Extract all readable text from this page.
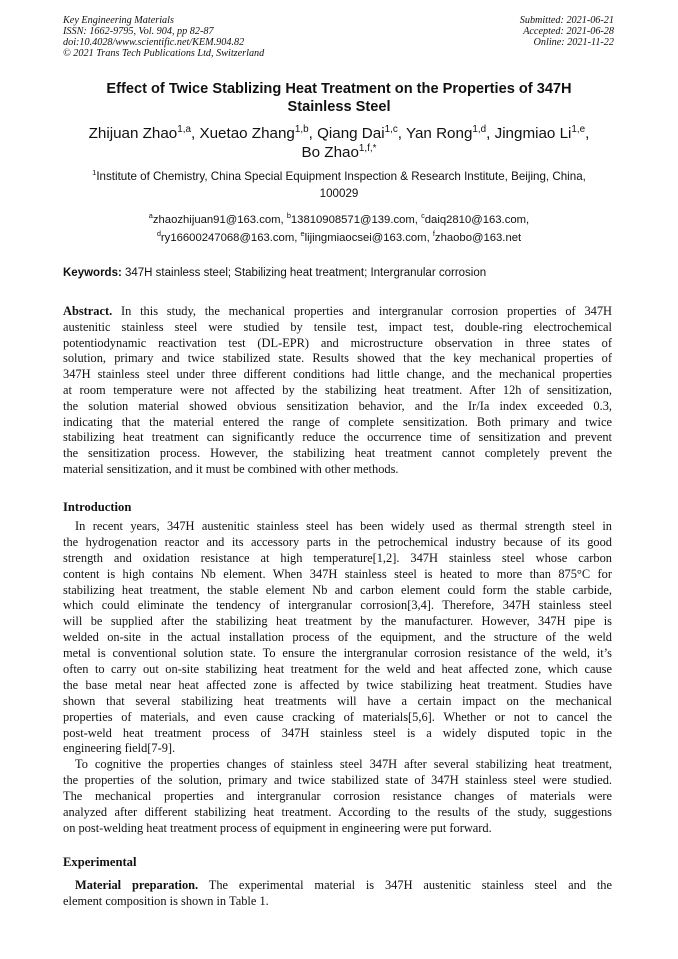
Key Engineering Materials
ISSN: 1662-9795, Vol. 904, pp 82-87
doi:10.4028/www.scientific.net/KEM.904.82
© 2021 Trans Tech Publications Ltd, Switzerland
Submitted: 2021-06-21
Accepted: 2021-06-28
Online: 2021-11-22
Effect of Twice Stablizing Heat Treatment on the Properties of 347H
Stainless Steel
Zhijuan Zhao$^{1,a}$, Xuetao Zhang$^{1,b}$, Qiang Dai$^{1,c}$, Yan Rong$^{1,d}$, Jingmiao Li$^{1,e}$,
Bo Zhao$^{1,f,*}$
$^1$Institute of Chemistry, China Special Equipment Inspection & Research Institute, Beijing, China,
100029
$^a$zhaozhijuan91@163.com, $^b$13810908571@139.com, $^c$daiq2810@163.com,
$^d$ry16600247068@163.com, $^e$lijingmiaocsei@163.com, $^f$zhaobo@163.net
Keywords: 347H stainless steel; Stabilizing heat treatment; Intergranular corrosion
Abstract. In this study, the mechanical properties and intergranular corrosion properties of 347H
austenitic stainless steel were studied by tensile test, impact test, double-ring electrochemical
potentiodynamic reactivation test (DL-EPR) and microstructure observation in three states of
solution, primary and twice stabilized state. Results showed that the key mechanical properties of
347H stainless steel under three different conditions had little change, and the mechanical properties
at room temperature were not affected by the stabilizing heat treatment. After 12h of sensitization,
the solution material showed obvious sensitization behavior, and the Ir/Ia index exceeded 0.3,
indicating that the material entered the range of complete sensitization. Both primary and twice
stabilizing heat treatment can significantly reduce the occurrence time of sensitization and prevent
the sensitization process. However, the stabilizing heat treatment cannot completely prevent the
material sensitization, and it must be combined with other methods.
Introduction
In recent years, 347H austenitic stainless steel has been widely used as thermal strength steel in
the hydrogenation reactor and its accessory parts in the petrochemical industry because of its good
strength and oxidation resistance at high temperature[1,2]. 347H stainless steel whose carbon
content is high contains Nb element. When 347H stainless steel is heated to more than 875°C for
stabilizing heat treatment, the stable element Nb and carbon element could form the stable carbide,
which could eliminate the tendency of intergranular corrosion[3,4]. Therefore, 347H stainless steel
will be supplied after the stabilizing heat treatment by the manufacturer. However, 347H pipe is
welded on-site in the actual installation process of the equipment, and the structure of the weld
metal is conventional solution state. To ensure the intergranular corrosion resistance of the weld, it’s
often to carry out on-site stabilizing heat treatment for the weld and heat affected zone, which cause
the base metal near heat affected zone is affected by twice stabilizing heat treatment. Studies have
shown that several stabilizing heat treatments will have a certain impact on the mechanical
properties of materials, and even cause cracking of materials[5,6]. Whether or not to cancel the
post-weld heat treatment process of 347H stainless steel is a widely disputed topic in the
engineering field[7-9].
To cognitive the properties changes of stainless steel 347H after several stabilizing heat treatment,
the properties of the solution, primary and twice stabilized state of 347H stainless steel were studied.
The mechanical properties and intergranular corrosion resistance changes of materials were
analyzed after different stabilizing heat treatment. According to the results of the study, suggestions
on post-welding heat treatment process of equipment in engineering were put forward.
Experimental
Material preparation. The experimental material is 347H austenitic stainless steel and the
element composition is shown in Table 1.
